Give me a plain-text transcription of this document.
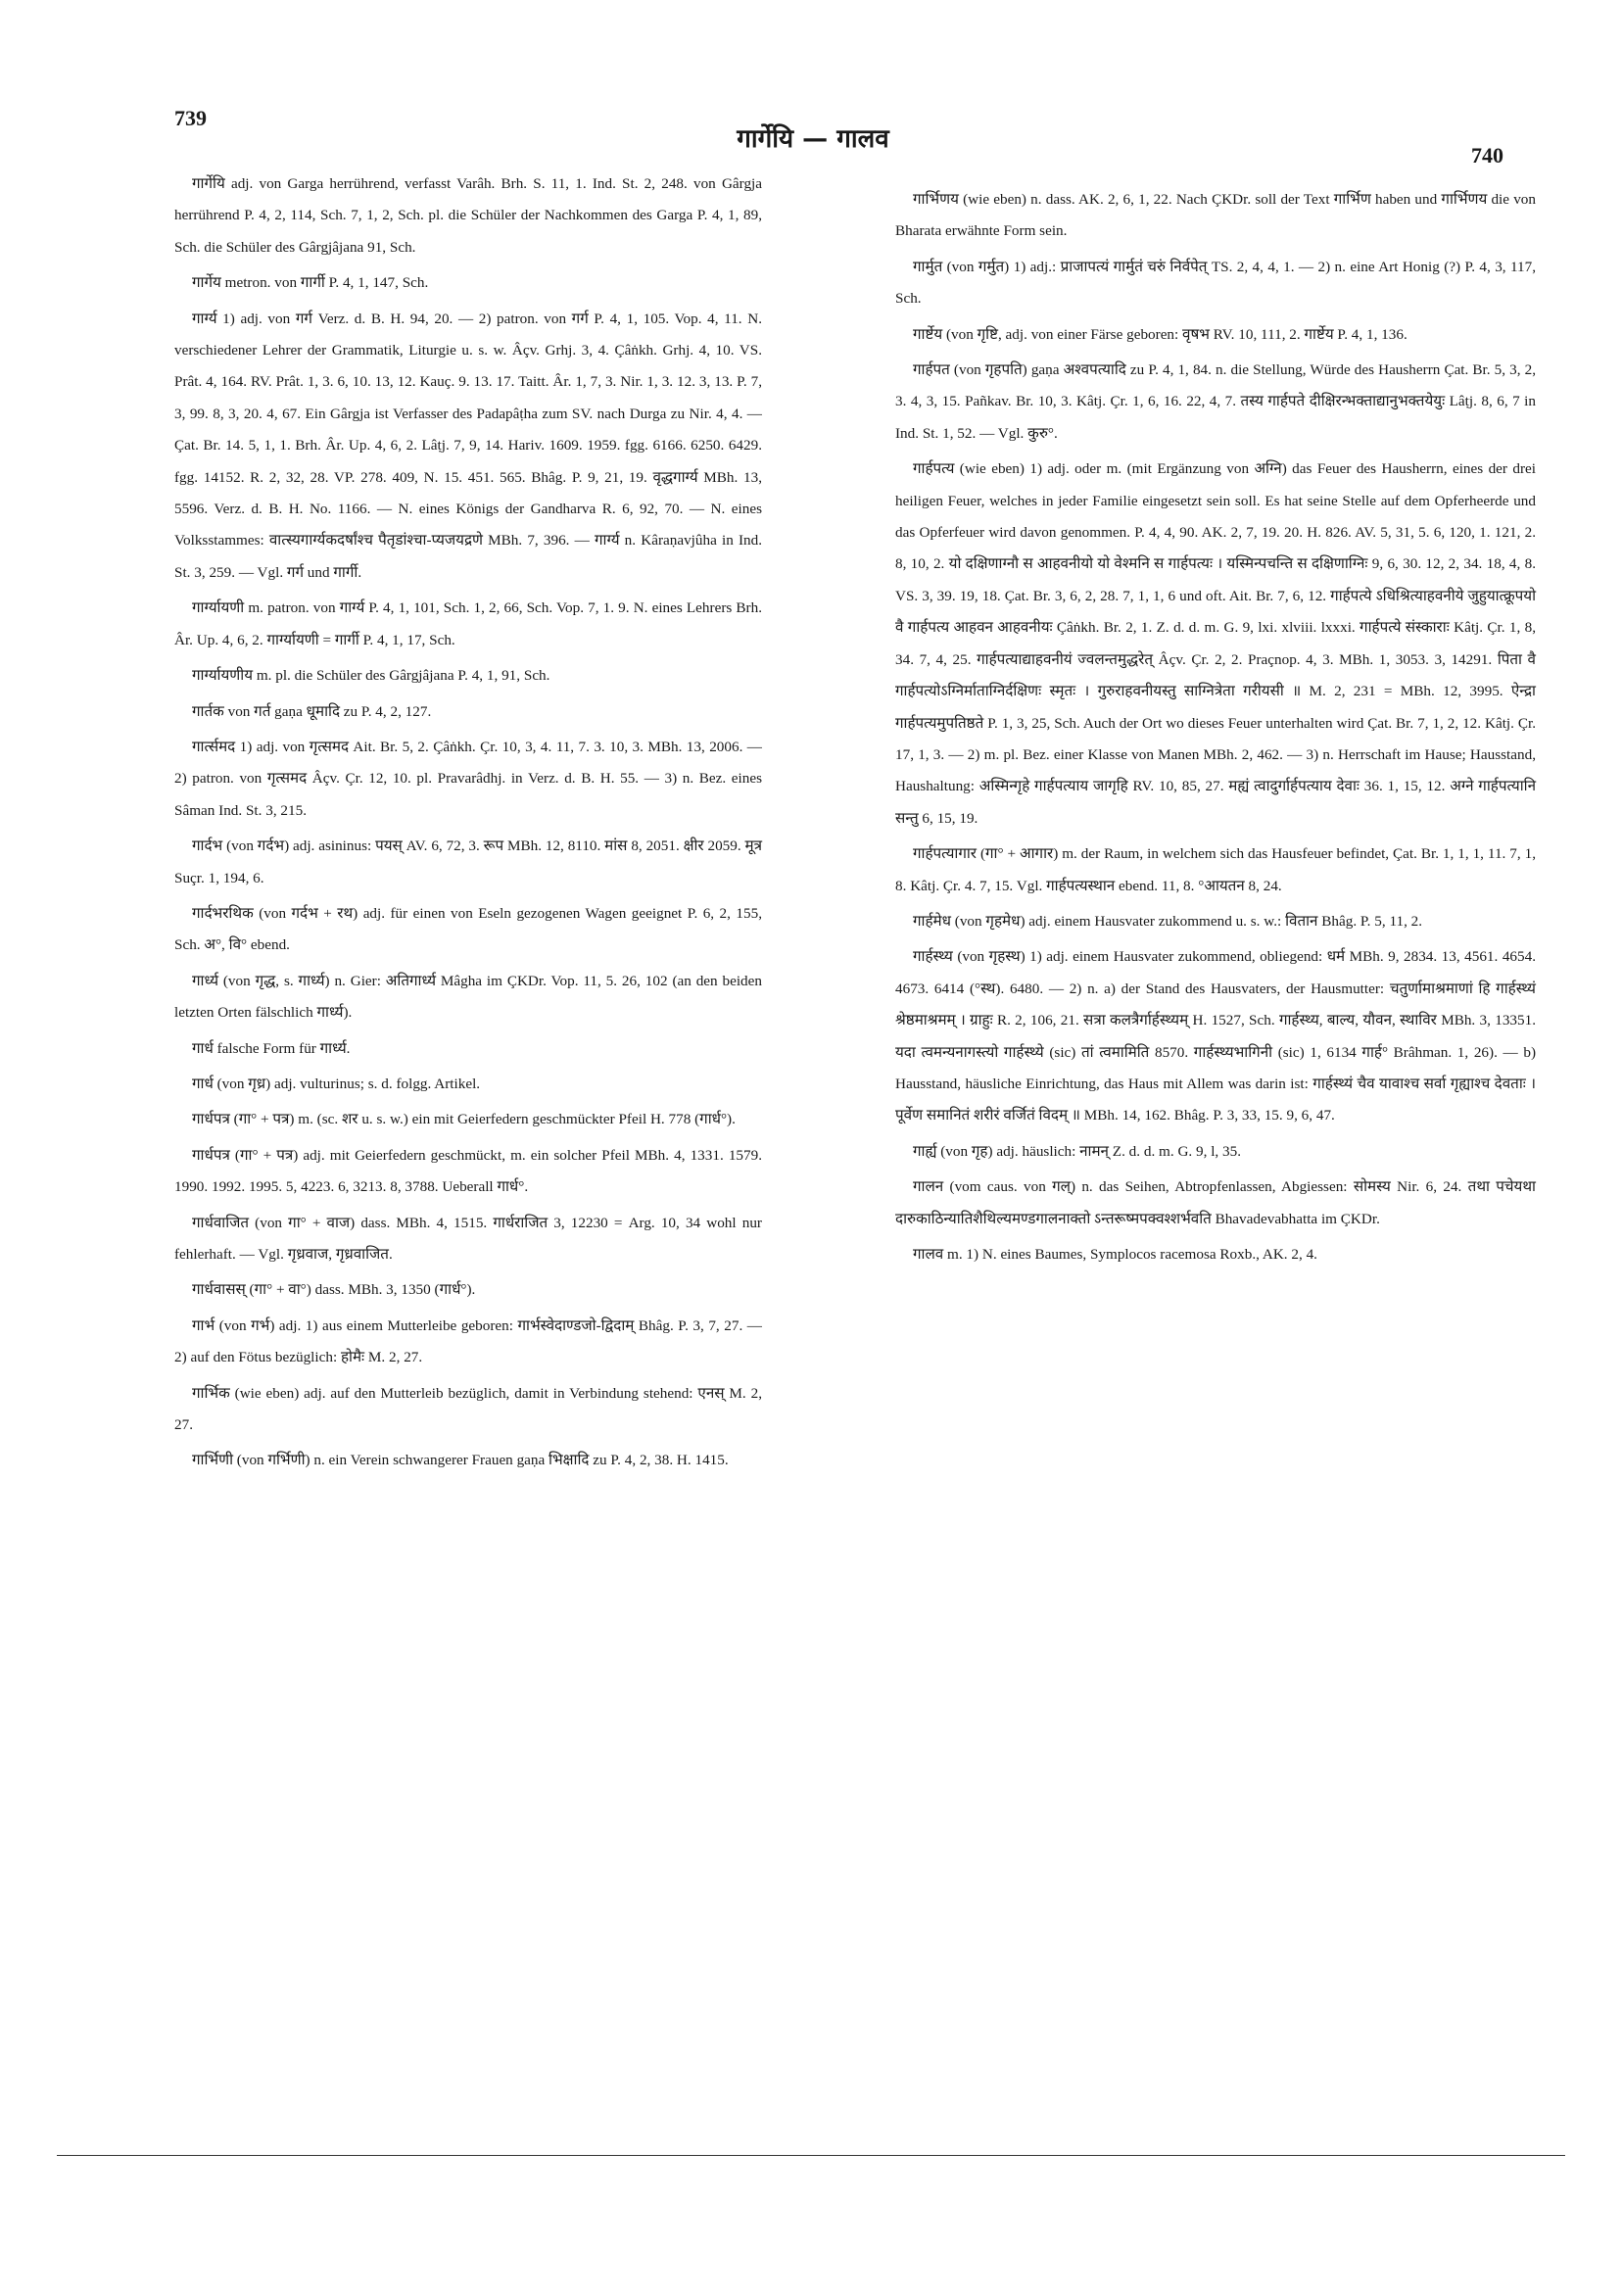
739
गार्गेयि — गालव
740

गार्गेयि adj. von Garga herrührend, verfasst Varâh. Brh. S. 11, 1. Ind. St. 2, 248. von Gârgja herrührend P. 4, 2, 114, Sch. 7, 1, 2, Sch. pl. die Schüler der Nachkommen des Garga P. 4, 1, 89, Sch. die Schüler des Gârgjâjana 91, Sch.

गार्गेय metron. von गार्गी P. 4, 1, 147, Sch.

गार्ग्य 1) adj. von गर्ग Verz. d. B. H. 94, 20. — 2) patron. von गर्ग P. 4, 1, 105. Vop. 4, 11. N. verschiedener Lehrer der Grammatik, Liturgie u. s. w. Âçv. Grhj. 3, 4. Çâṅkh. Grhj. 4, 10. VS. Prât. 4, 164. RV. Prât. 1, 3. 6, 10. 13, 12. Kauç. 9. 13. 17. Taitt. Âr. 1, 7, 3. Nir. 1, 3. 12. 3, 13. P. 7, 3, 99. 8, 3, 20. 4, 67. Ein Gârgja ist Verfasser des Padapâṭha zum SV. nach Durga zu Nir. 4, 4. — Çat. Br. 14. 5, 1, 1. Brh. Âr. Up. 4, 6, 2. Lâṭj. 7, 9, 14. Hariv. 1609. 1959. fgg. 6166. 6250. 6429. fgg. 14152. R. 2, 32, 28. VP. 278. 409, N. 15. 451. 565. Bhâg. P. 9, 21, 19. वृद्धगार्ग्य MBh. 13, 5596. Verz. d. B. H. No. 1166. — N. eines Königs der Gandharva R. 6, 92, 70. — N. eines Volksstammes: वात्स्यगार्ग्यकदर्षांश्च पैतृडांश्चा-प्यजयद्रणे MBh. 7, 396. — गार्ग्य n. Kâraṇavjûha in Ind. St. 3, 259. — Vgl. गर्ग und गार्गी.

गार्ग्यायणी m. patron. von गार्ग्य P. 4, 1, 101, Sch. 1, 2, 66, Sch. Vop. 7, 1. 9. N. eines Lehrers Brh. Âr. Up. 4, 6, 2. गार्ग्यायणी = गार्गी P. 4, 1, 17, Sch.

गार्ग्यायणीय m. pl. die Schüler des Gârgjâjana P. 4, 1, 91, Sch.

गार्तक von गर्त gaṇa धूमादि zu P. 4, 2, 127.

गार्त्समद 1) adj. von गृत्समद Ait. Br. 5, 2. Çâṅkh. Çr. 10, 3, 4. 11, 7. 3. 10, 3. MBh. 13, 2006. — 2) patron. von गृत्समद Âçv. Çr. 12, 10. pl. Pravarâdhj. in Verz. d. B. H. 55. — 3) n. Bez. eines Sâman Ind. St. 3, 215.

गार्दभ (von गर्दभ) adj. asininus: पयस् AV. 6, 72, 3. रूप MBh. 12, 8110. मांस 8, 2051. क्षीर 2059. मूत्र Suçr. 1, 194, 6.

गार्दभरथिक (von गर्दभ + रथ) adj. für einen von Eseln gezogenen Wagen geeignet P. 6, 2, 155, Sch. अ°, वि° ebend.

गार्ध्य (von गृद्ध, s. गार्ध्य) n. Gier: अतिगार्ध्य Mâgha im ÇKDr. Vop. 11, 5. 26, 102 (an den beiden letzten Orten fälschlich गार्ध्य).

गार्ध falsche Form für गार्ध्य.

गार्ध (von गृध्र) adj. vulturinus; s. d. folgg. Artikel.

गार्धपत्र (गा° + पत्र) m. (sc. शर u. s. w.) ein mit Geierfedern geschmückter Pfeil H. 778 (गार्ध°).

गार्धपत्र (गा° + पत्र) adj. mit Geierfedern geschmückt, m. ein solcher Pfeil MBh. 4, 1331. 1579. 1990. 1992. 1995. 5, 4223. 6, 3213. 8, 3788. Ueberall गार्ध°.

गार्धवाजित (von गा° + वाज) dass. MBh. 4, 1515. गार्धराजित 3, 12230 = Arg. 10, 34 wohl nur fehlerhaft. — Vgl. गृध्रवाज, गृध्रवाजित.

गार्धवासस् (गा° + वा°) dass. MBh. 3, 1350 (गार्ध°).

गार्भ (von गर्भ) adj. 1) aus einem Mutterleibe geboren: गार्भस्वेदाण्डजो-द्विदाम् Bhâg. P. 3, 7, 27. — 2) auf den Fötus bezüglich: होमैः M. 2, 27.

गार्भिक (wie eben) adj. auf den Mutterleib bezüglich, damit in Verbindung stehend: एनस् M. 2, 27.

गार्भिणी (von गर्भिणी) n. ein Verein schwangerer Frauen gaṇa भिक्षादि zu P. 4, 2, 38. H. 1415.

गार्भिणय (wie eben) n. dass. AK. 2, 6, 1, 22. Nach ÇKDr. soll der Text गार्भिण haben und गार्भिणय die von Bharata erwähnte Form sein.

गार्मुत (von गर्मुत) 1) adj.: प्राजापत्यं गार्मुतं चरुं निर्वपेत् TS. 2, 4, 4, 1. — 2) n. eine Art Honig (?) P. 4, 3, 117, Sch.

गार्ष्टेय (von गृष्टि, adj. von einer Färse geboren: वृषभ RV. 10, 111, 2. गार्ष्टेय P. 4, 1, 136.

गार्हपत (von गृहपति) gaṇa अश्वपत्यादि zu P. 4, 1, 84. n. die Stellung, Würde des Hausherrn Çat. Br. 5, 3, 2, 3. 4, 3, 15. Pañkav. Br. 10, 3. Kâtj. Çr. 1, 6, 16. 22, 4, 7. तस्य गार्हपते दीक्षिरन्भक्ताद्यानुभक्तयेयुः Lâṭj. 8, 6, 7 in Ind. St. 1, 52. — Vgl. कुरु°.

गार्हपत्य (wie eben) 1) adj. oder m. (mit Ergänzung von अग्नि) das Feuer des Hausherrn, eines der drei heiligen Feuer, welches in jeder Familie eingesetzt sein soll. Es hat seine Stelle auf dem Opferheerde und das Opferfeuer wird davon genommen. P. 4, 4, 90. AK. 2, 7, 19. 20. H. 826. AV. 5, 31, 5. 6, 120, 1. 121, 2. 8, 10, 2. यो दक्षिणाग्नौ स आहवनीयो यो वेश्मनि स गार्हपत्यः । यस्मिन्पचन्ति स दक्षिणाग्निः 9, 6, 30. 12, 2, 34. 18, 4, 8. VS. 3, 39. 19, 18. Çat. Br. 3, 6, 2, 28. 7, 1, 1, 6 und oft. Ait. Br. 7, 6, 12. गार्हपत्ये ऽधिश्रित्याहवनीये जुहुयात्क्रूपयो वै गार्हपत्य आहवन आहवनीयः Çâṅkh. Br. 2, 1. Z. d. d. m. G. 9, lxi. xlviii. lxxxi. गार्हपत्ये संस्काराः Kâtj. Çr. 1, 8, 34. 7, 4, 25. गार्हपत्याद्याहवनीयं ज्वलन्तमुद्धरेत् Âçv. Çr. 2, 2. Praçnop. 4, 3. MBh. 1, 3053. 3, 14291. पिता वै गार्हपत्योऽग्निर्माताग्निर्दक्षिणः स्मृतः । गुरुराहवनीयस्तु साग्नित्रेता गरीयसी ॥ M. 2, 231 = MBh. 12, 3995. ऐन्द्रा गार्हपत्यमुपतिष्ठते P. 1, 3, 25, Sch. Auch der Ort wo dieses Feuer unterhalten wird Çat. Br. 7, 1, 2, 12. Kâtj. Çr. 17, 1, 3. — 2) m. pl. Bez. einer Klasse von Manen MBh. 2, 462. — 3) n. Herrschaft im Hause; Hausstand, Haushaltung: अस्मिन्गृहे गार्हपत्याय जागृहि RV. 10, 85, 27. मह्यं त्वादुर्गार्हपत्याय देवाः 36. 1, 15, 12. अग्ने गार्हपत्यानि सन्तु 6, 15, 19.

गार्हपत्यागार (गा° + आगार) m. der Raum, in welchem sich das Hausfeuer befindet, Çat. Br. 1, 1, 1, 11. 7, 1, 8. Kâtj. Çr. 4. 7, 15. Vgl. गार्हपत्यस्थान ebend. 11, 8. °आयतन 8, 24.

गार्हमेध (von गृहमेध) adj. einem Hausvater zukommend u. s. w.: वितान Bhâg. P. 5, 11, 2.

गार्हस्थ्य (von गृहस्थ) 1) adj. einem Hausvater zukommend, obliegend: धर्म MBh. 9, 2834. 13, 4561. 4654. 4673. 6414 (°स्थ). 6480. — 2) n. a) der Stand des Hausvaters, der Hausmutter: चतुर्णामाश्रमाणां हि गार्हस्थ्यं श्रेष्ठमाश्रमम् । ग्राहुः R. 2, 106, 21. सत्रा कलत्रैर्गार्हस्थ्यम् H. 1527, Sch. गार्हस्थ्य, बाल्य, यौवन, स्थाविर MBh. 3, 13351. यदा त्वमन्यनागस्त्यो गार्हस्थ्ये (sic) तां त्वमामिति 8570. गार्हस्थ्यभागिनी (sic) 1, 6134 गार्ह° Brâhman. 1, 26). — b) Hausstand, häusliche Einrichtung, das Haus mit Allem was darin ist: गार्हस्थ्यं चैव यावाश्च सर्वा गृह्याश्च देवताः । पूर्वेण समानितं शरीरं वर्जितं विदम् ॥ MBh. 14, 162. Bhâg. P. 3, 33, 15. 9, 6, 47.

गार्ह्य (von गृह) adj. häuslich: नामन् Z. d. d. m. G. 9, l, 35.

गालन (vom caus. von गल्) n. das Seihen, Abtropfenlassen, Abgiessen: सोमस्य Nir. 6, 24. तथा पचेयथा दारुकाठिन्यातिशैथिल्यमण्डगालनाक्तो ऽन्तरूष्मपक्वश्शर्भवति Bhavadevabhatta im ÇKDr.

गालव m. 1) N. eines Baumes, Symplocos racemosa Roxb., AK. 2, 4.
